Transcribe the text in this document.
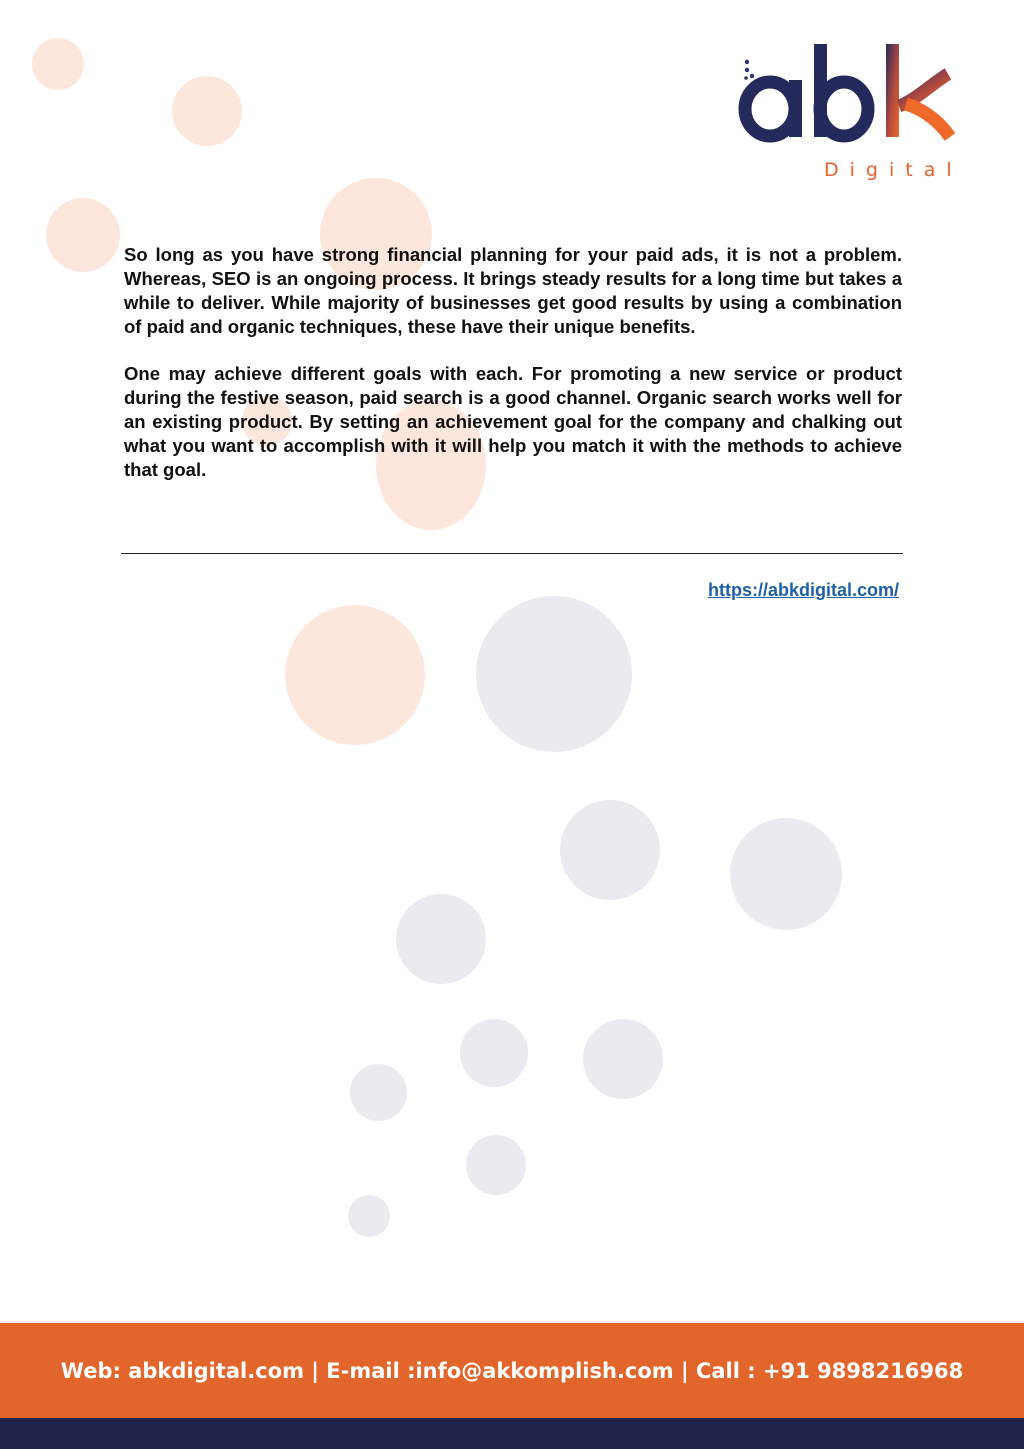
Digital

So long as you have strong financial planning for your paid ads, it is not a problem. Whereas, SEO is an ongoing process. It brings steady results for a long time but takes a while to deliver. While majority of businesses get good results by using a combination of paid and organic techniques, these have their unique benefits.

One may achieve different goals with each. For promoting a new service or product during the festive season, paid search is a good channel. Organic search works well for an existing product. By setting an achievement goal for the company and chalking out what you want to accomplish with it will help you match it with the methods to achieve that goal.

https://abkdigital.com/
Web: abkdigital.com | E-mail :info@akkomplish.com | Call : +91 9898216968
